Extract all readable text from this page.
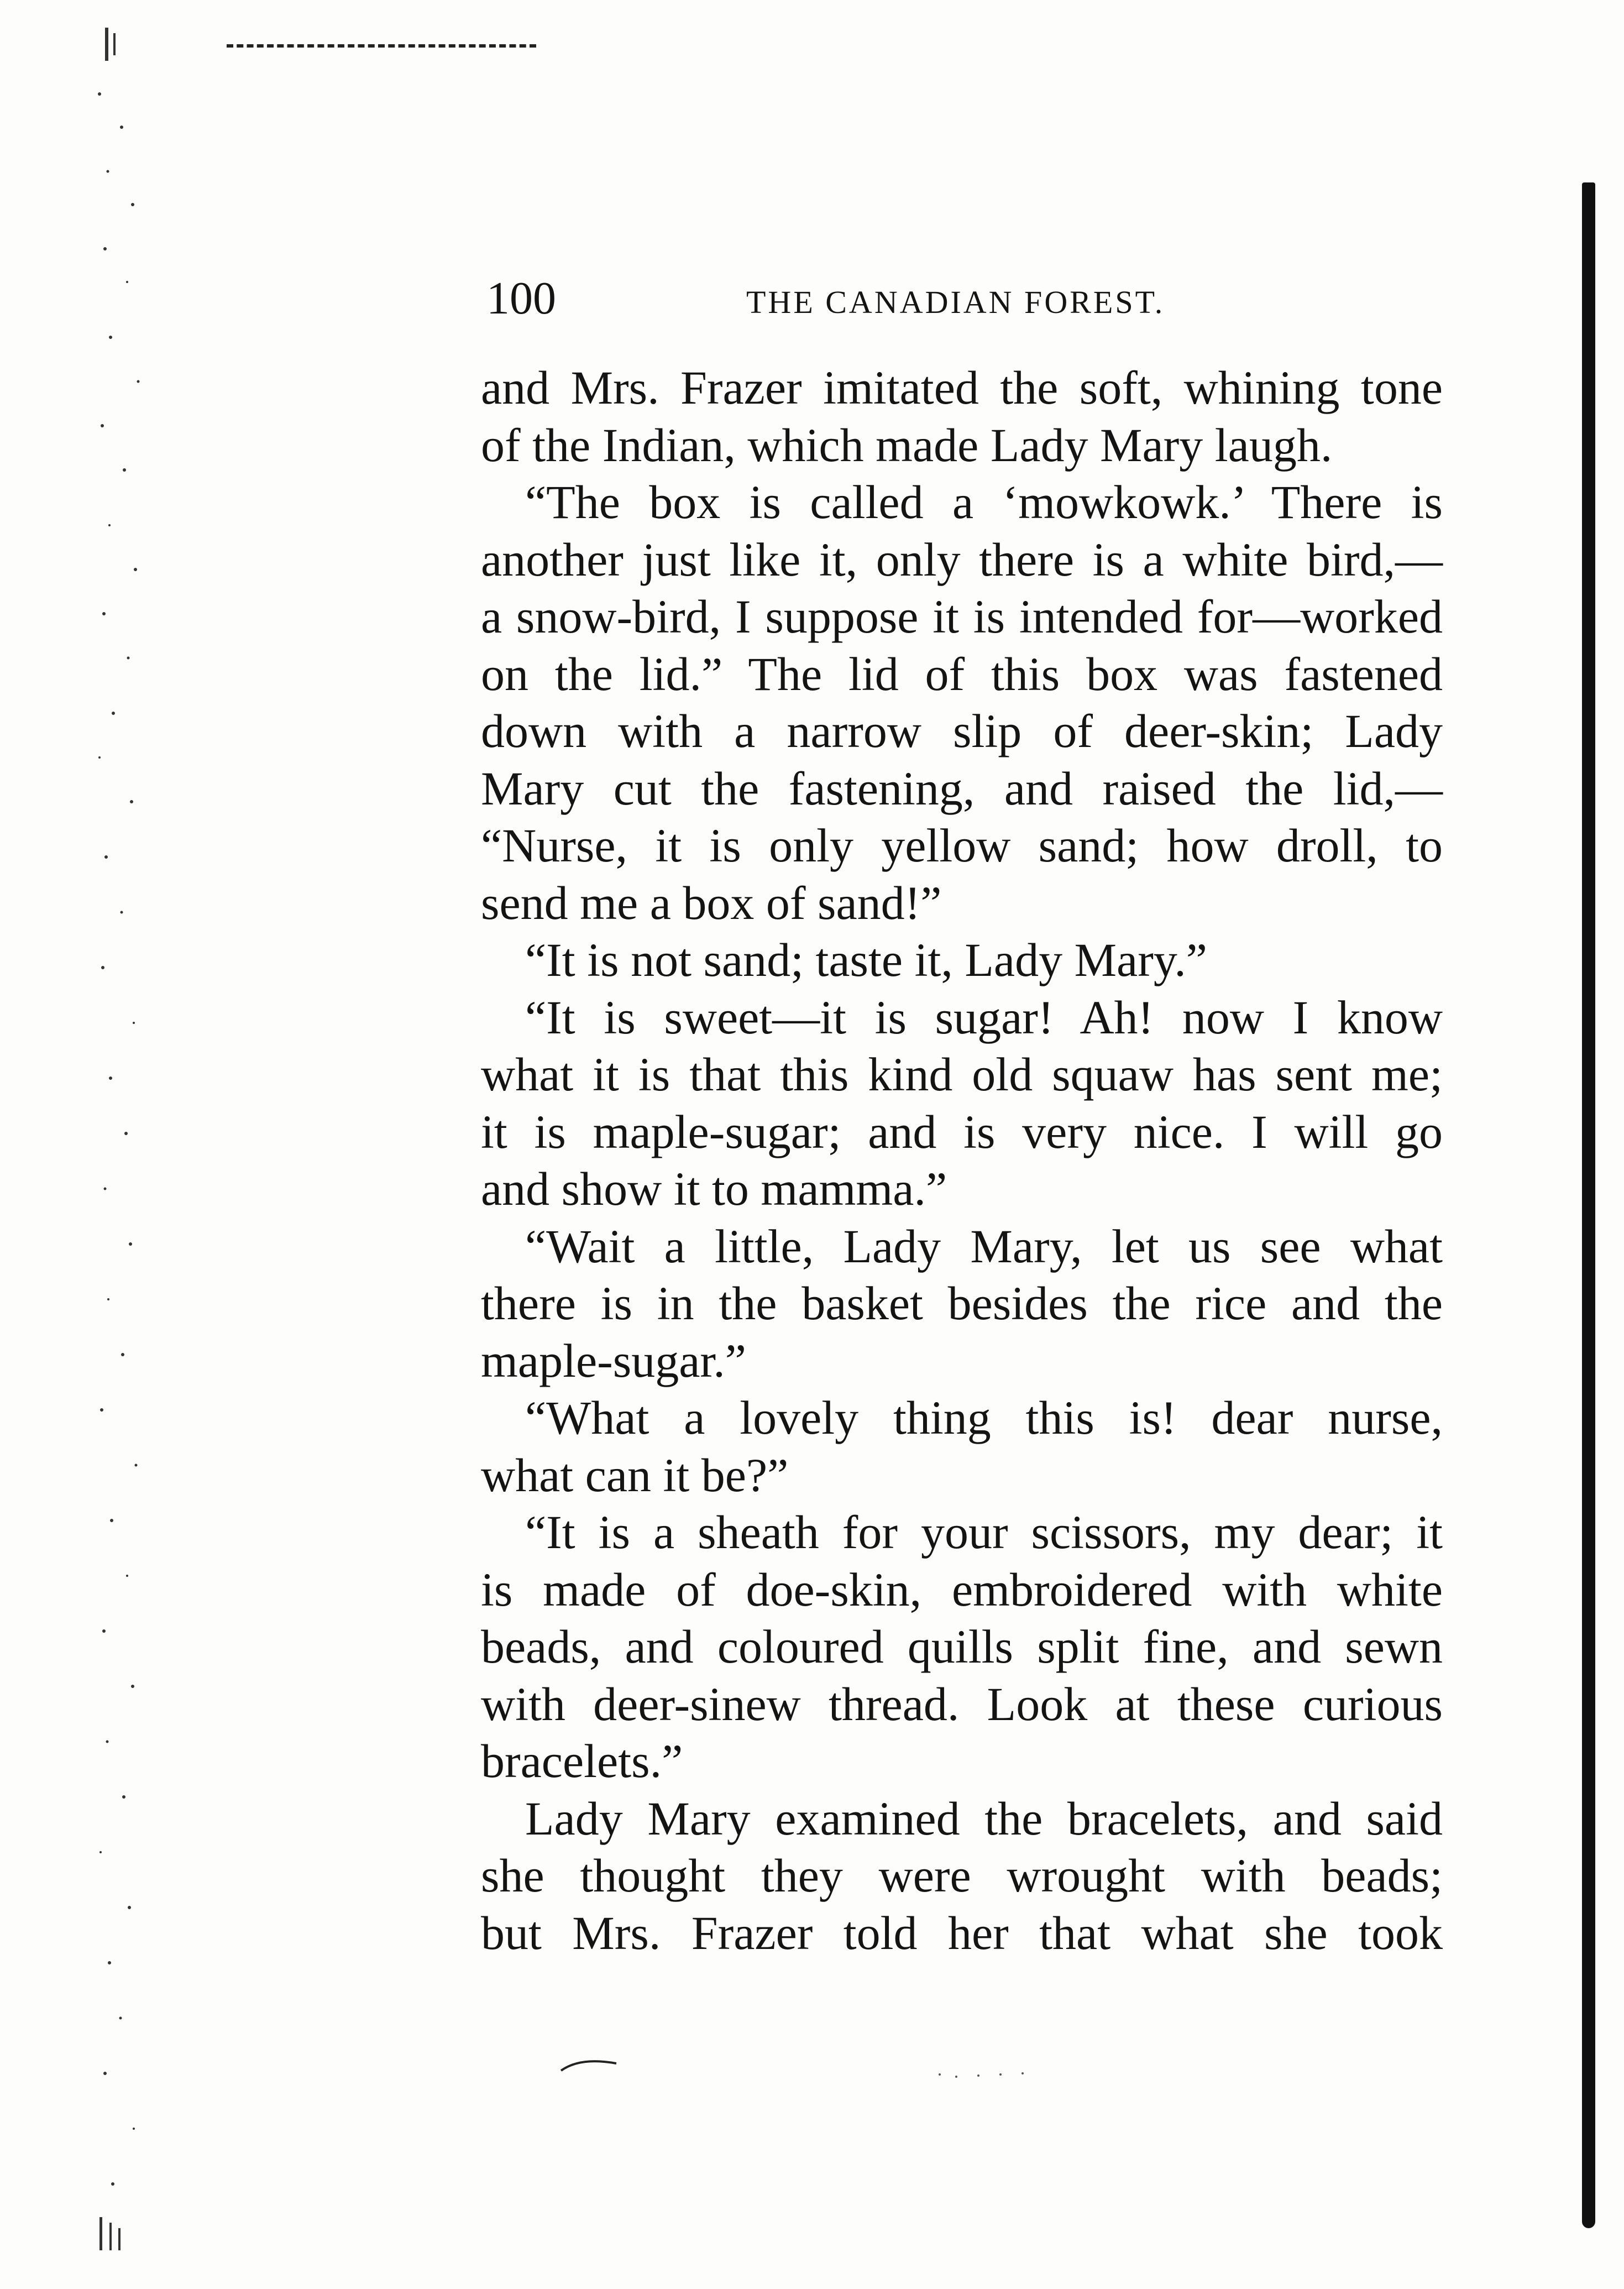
100	THE CANADIAN FOREST.
and Mrs. Frazer imitated the soft, whining tone
of the Indian, which made Lady Mary laugh.
“The box is called a ‘mowkowk.’ There is
another just like it, only there is a white bird,—
a snow-bird, I suppose it is intended for—worked
on the lid.” The lid of this box was fastened
down with a narrow slip of deer-skin; Lady
Mary cut the fastening, and raised the lid,—
“Nurse, it is only yellow sand; how droll, to
send me a box of sand!”
“It is not sand; taste it, Lady Mary.”
“It is sweet—it is sugar! Ah! now I know
what it is that this kind old squaw has sent me;
it is maple-sugar; and is very nice. I will go
and show it to mamma.”
“Wait a little, Lady Mary, let us see what
there is in the basket besides the rice and the
maple-sugar.”
“What a lovely thing this is! dear nurse,
what can it be?”
“It is a sheath for your scissors, my dear; it
is made of doe-skin, embroidered with white
beads, and coloured quills split fine, and sewn
with deer-sinew thread. Look at these curious
bracelets.”
Lady Mary examined the bracelets, and said
she thought they were wrought with beads;
but Mrs. Frazer told her that what she took
